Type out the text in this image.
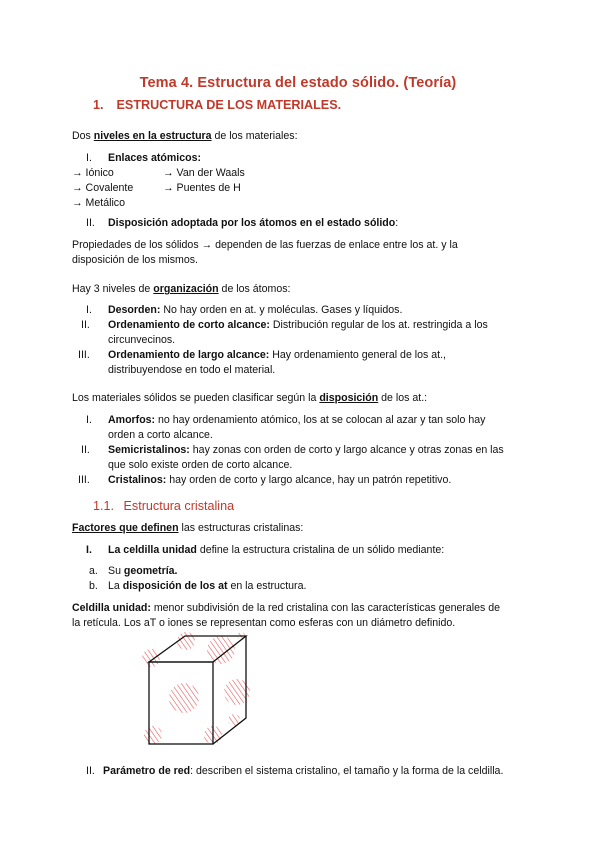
Tema 4. Estructura del estado sólido. (Teoría)
1. ESTRUCTURA DE LOS MATERIALES.
Dos niveles en la estructura de los materiales:
I. Enlaces atómicos:
→ Iónico
→ Covalente
→ Metálico
→ Van der Waals
→ Puentes de H
II. Disposición adoptada por los átomos en el estado sólido:
Propiedades de los sólidos → dependen de las fuerzas de enlace entre los at. y la
disposición de los mismos.
Hay 3 niveles de organización de los átomos:
I. Desorden: No hay orden en at. y moléculas. Gases y líquidos.
II. Ordenamiento de corto alcance: Distribución regular de los at. restringida a los
circunvecinos.
III. Ordenamiento de largo alcance: Hay ordenamiento general de los at.,
distribuyendose en todo el material.
Los materiales sólidos se pueden clasificar según la disposición de los at.:
I. Amorfos: no hay ordenamiento atómico, los at se colocan al azar y tan solo hay
orden a corto alcance.
II. Semicristalinos: hay zonas con orden de corto y largo alcance y otras zonas en las
que solo existe orden de corto alcance.
III. Cristalinos: hay orden de corto y largo alcance, hay un patrón repetitivo.
1.1. Estructura cristalina
Factores que definen las estructuras cristalinas:
I. La celdilla unidad define la estructura cristalina de un sólido mediante:
a. Su geometría.
b. La disposición de los at en la estructura.
Celdilla unidad: menor subdivisión de la red cristalina con las características generales de
la retícula. Los aT o iones se representan como esferas con un diámetro definido.
II. Parámetro de red: describen el sistema cristalino, el tamaño y la forma de la celdilla.
